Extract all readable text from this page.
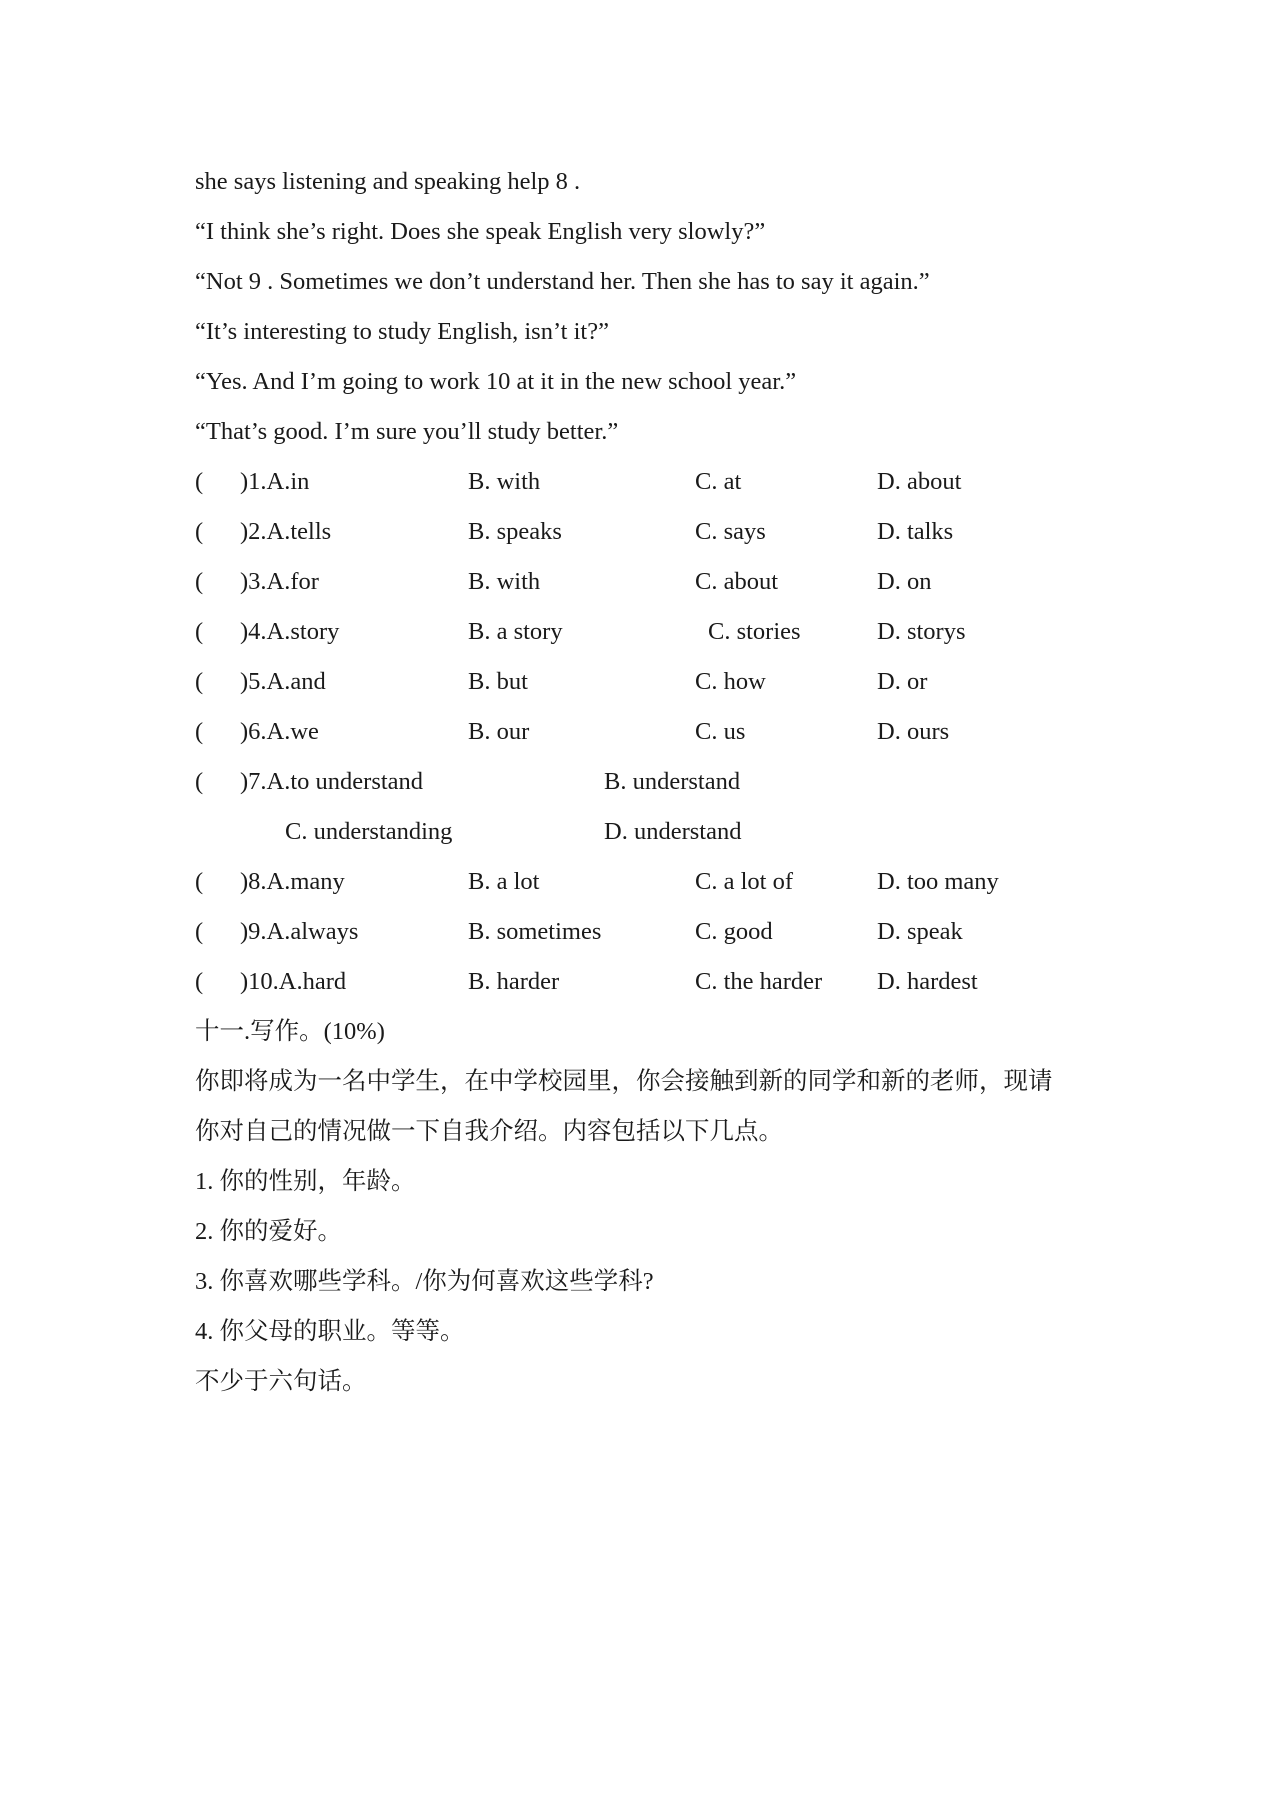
she says listening and speaking help 8 .
“I think she’s right. Does she speak English very slowly?”
“Not 9 . Sometimes we don’t understand her. Then she has to say it again.”
“It’s interesting to study English, isn’t it?”
“Yes. And I’m going to work 10 at it in the new school year.”
“That’s good. I’m sure you’ll study better.”
( )1.A.in	B. with	C. at	D. about
( )2.A.tells	B. speaks	C. says	D. talks
( )3.A.for	B. with	C. about	D. on
( )4.A.story	B. a story	C. stories	D. storys
( )5.A.and	B. but	C. how	D. or
( )6.A.we	B. our	C. us	D. ours
( )7.A.to understand	B. understand
C. understanding	D. understand
( )8.A.many	B. a lot	C. a lot of	D. too many
( )9.A.always	B. sometimes	C. good	D. speak
( )10.A.hard	B. harder	C. the harder D. hardest
十一.写作。(10%)
你即将成为一名中学生，在中学校园里，你会接触到新的同学和新的老师，现请
你对自己的情况做一下自我介绍。内容包括以下几点。
1. 你的性别，年龄。
2. 你的爱好。
3. 你喜欢哪些学科。/你为何喜欢这些学科?
4. 你父母的职业。等等。
不少于六句话。
